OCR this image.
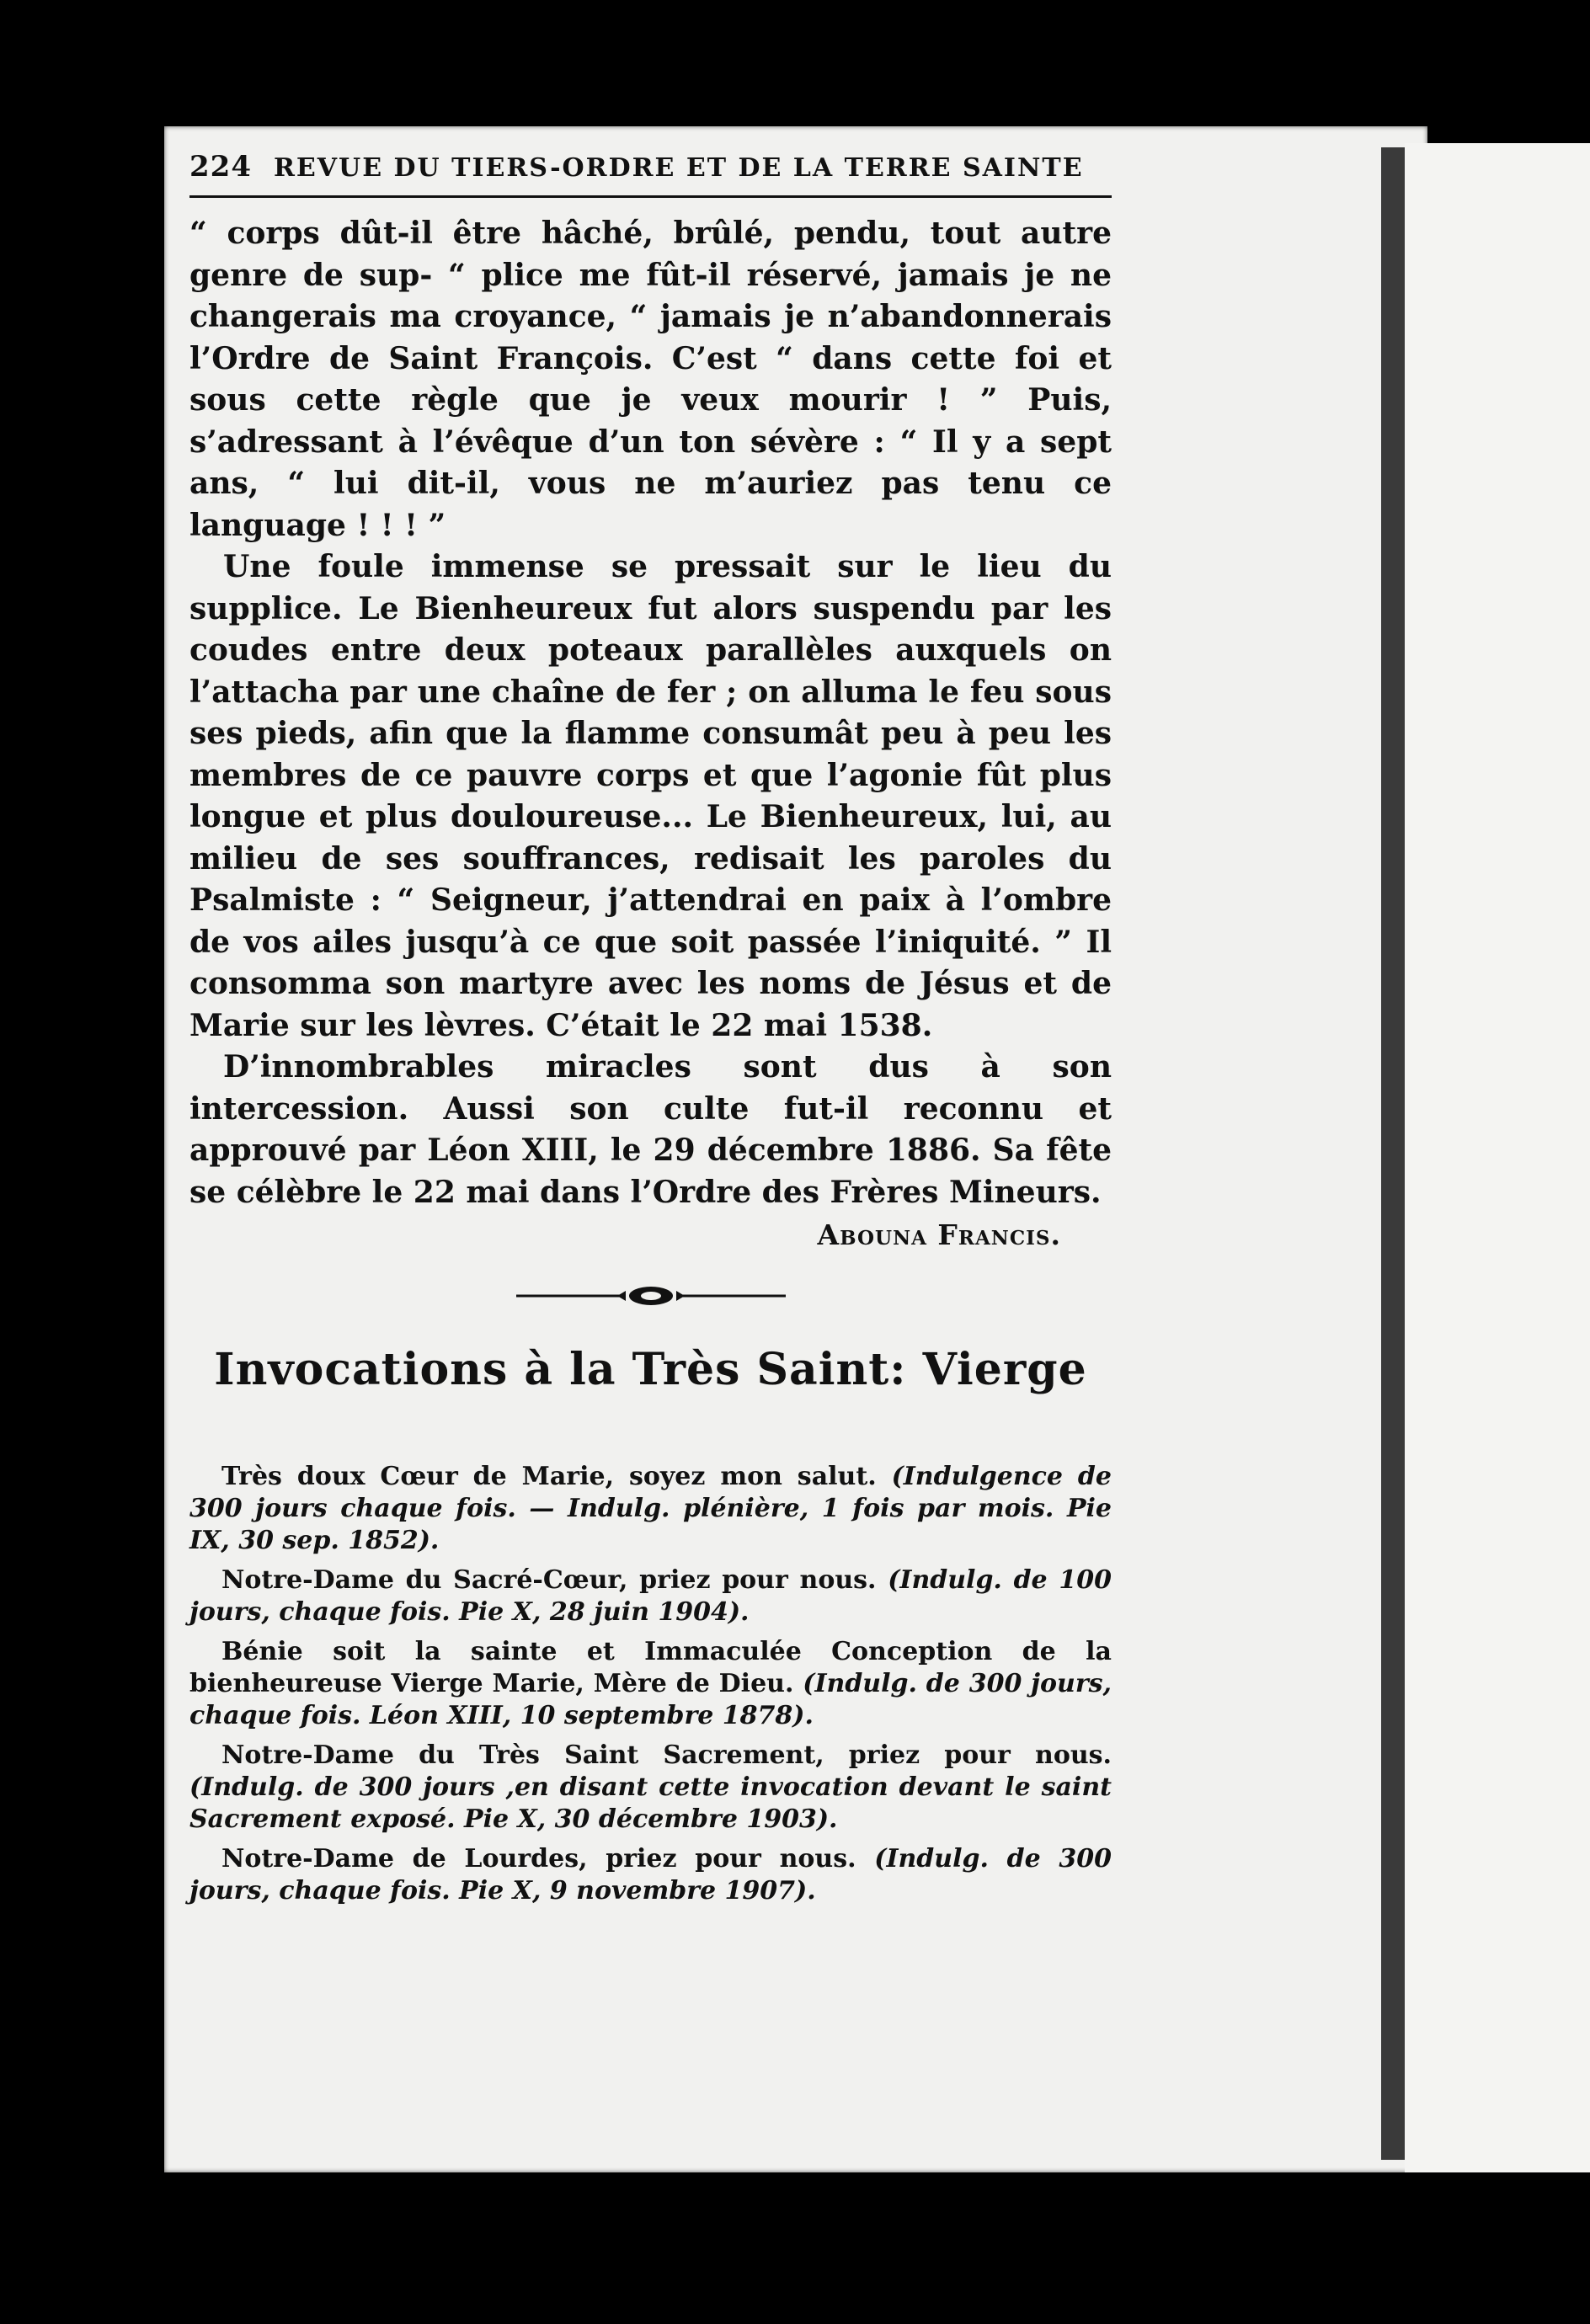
224 REVUE DU TIERS-ORDRE ET DE LA TERRE SAINTE

“ corps dût-il être hâché, brûlé, pendu, tout autre genre de sup- “ plice me fût-il réservé, jamais je ne changerais ma croyance, “ jamais je n’abandonnerais l’Ordre de Saint François. C’est “ dans cette foi et sous cette règle que je veux mourir ! ” Puis, s’adressant à l’évêque d’un ton sévère : “ Il y a sept ans, “ lui dit-il, vous ne m’auriez pas tenu ce language ! ! ! ”

Une foule immense se pressait sur le lieu du supplice. Le Bienheureux fut alors suspendu par les coudes entre deux poteaux parallèles auxquels on l’attacha par une chaîne de fer ; on alluma le feu sous ses pieds, afin que la flamme consumât peu à peu les membres de ce pauvre corps et que l’agonie fût plus longue et plus douloureuse... Le Bienheureux, lui, au milieu de ses souffrances, redisait les paroles du Psalmiste : “ Seigneur, j’attendrai en paix à l’ombre de vos ailes jusqu’à ce que soit passée l’iniquité. ” Il consomma son martyre avec les noms de Jésus et de Marie sur les lèvres. C’était le 22 mai 1538.

D’innombrables miracles sont dus à son intercession. Aussi son culte fut-il reconnu et approuvé par Léon XIII, le 29 décembre 1886. Sa fête se célèbre le 22 mai dans l’Ordre des Frères Mineurs.

Abouna Francis.
Invocations à la Très Saint: Vierge

Très doux Cœur de Marie, soyez mon salut. (Indulgence de 300 jours chaque fois. — Indulg. plénière, 1 fois par mois. Pie IX, 30 sep. 1852).

Notre-Dame du Sacré-Cœur, priez pour nous. (Indulg. de 100 jours, chaque fois. Pie X, 28 juin 1904).

Bénie soit la sainte et Immaculée Conception de la bienheureuse Vierge Marie, Mère de Dieu. (Indulg. de 300 jours, chaque fois. Léon XIII, 10 septembre 1878).

Notre-Dame du Très Saint Sacrement, priez pour nous. (Indulg. de 300 jours ,en disant cette invocation devant le saint Sacrement exposé. Pie X, 30 décembre 1903).

Notre-Dame de Lourdes, priez pour nous. (Indulg. de 300 jours, chaque fois. Pie X, 9 novembre 1907).
